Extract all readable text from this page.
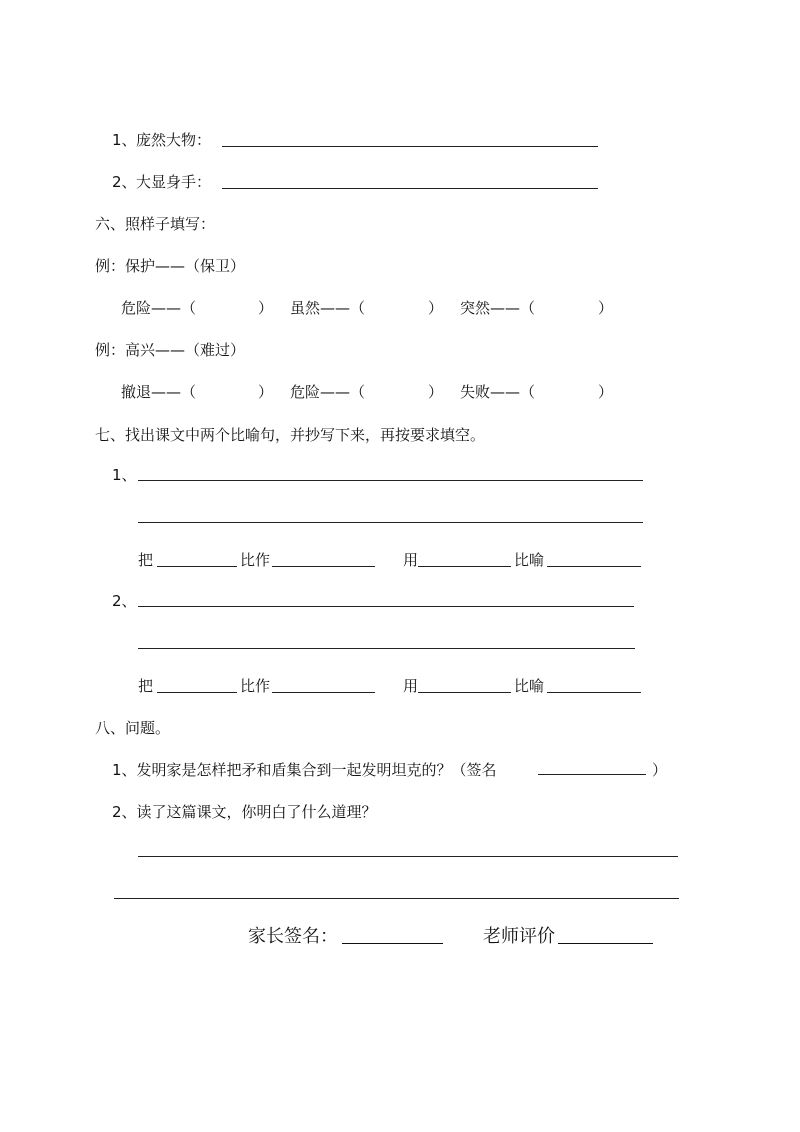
1、 庞然大物：
2、 大显身手：
六、照样子填写：
例：保护——（保卫）
危险——（	） 虽然——（	） 突然——（	）
例：高兴——（难过）
撤退——（	） 危险——（	） 失败——（	）
七、找出课文中两个比喻句，并抄写下来，再按要求填空。
1、
把	比作	用	比喻
2、
把	比作	用	比喻
八、问题。
1、发明家是怎样把矛和盾集合到一起发明坦克的？（签名	）
2、读了这篇课文，你明白了什么道理？
家长签名：	老师评价
